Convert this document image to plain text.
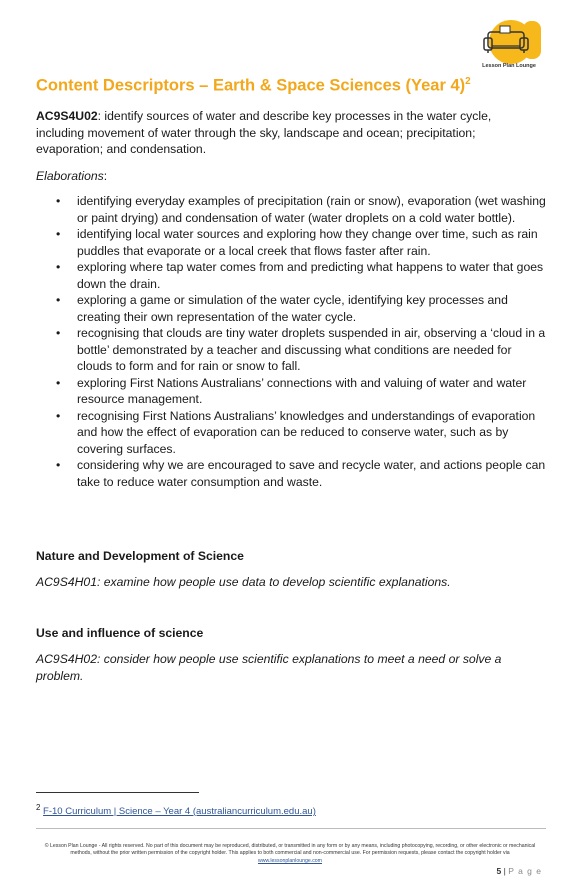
Lesson Plan Lounge
Content Descriptors – Earth & Space Sciences (Year 4)$^2$

AC9S4U02: identify sources of water and describe key processes in the water cycle, including movement of water through the sky, landscape and ocean; precipitation; evaporation; and condensation.

Elaborations:

• identifying everyday examples of precipitation (rain or snow), evaporation (wet washing or paint drying) and condensation of water (water droplets on a cold water bottle).
• identifying local water sources and exploring how they change over time, such as rain puddles that evaporate or a local creek that flows faster after rain.
• exploring where tap water comes from and predicting what happens to water that goes down the drain.
• exploring a game or simulation of the water cycle, identifying key processes and creating their own representation of the water cycle.
• recognising that clouds are tiny water droplets suspended in air, observing a ‘cloud in a bottle’ demonstrated by a teacher and discussing what conditions are needed for clouds to form and for rain or snow to fall.
• exploring First Nations Australians’ connections with and valuing of water and water resource management.
• recognising First Nations Australians’ knowledges and understandings of evaporation and how the effect of evaporation can be reduced to conserve water, such as by covering surfaces.
• considering why we are encouraged to save and recycle water, and actions people can take to reduce water consumption and waste.
Nature and Development of Science

AC9S4H01: examine how people use data to develop scientific explanations.

Use and influence of science

AC9S4H02: consider how people use scientific explanations to meet a need or solve a problem.

$^2$ F-10 Curriculum | Science – Year 4 (australiancurriculum.edu.au)

© Lesson Plan Lounge - All rights reserved. No part of this document may be reproduced, distributed, or transmitted in any form or by any means, including photocopying, recording, or other electronic or mechanical methods, without the prior written permission of the copyright holder. This applies to both commercial and non-commercial use. For permission requests, please contact the copyright holder via
www.lessonplanlounge.com

5 | P a g e
